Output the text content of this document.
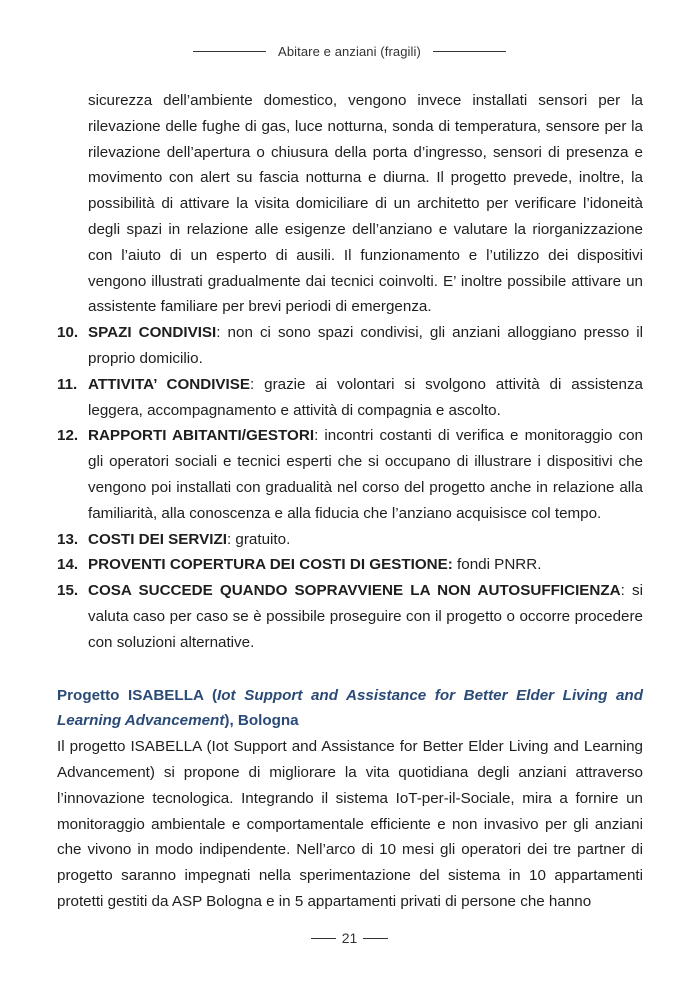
Abitare e anziani (fragili)

sicurezza dell’ambiente domestico, vengono invece installati sensori per la rilevazione delle fughe di gas, luce notturna, sonda di temperatura, sensore per la rilevazione dell’apertura o chiusura della porta d’ingresso, sensori di presenza e movimento con alert su fascia notturna e diurna. Il progetto prevede, inoltre, la possibilità di attivare la visita domiciliare di un architetto per verificare l’idoneità degli spazi in relazione alle esigenze dell’anziano e valutare la riorganizzazione con l’aiuto di un esperto di ausili. Il funzionamento e l’utilizzo dei dispositivi vengono illustrati gradualmente dai tecnici coinvolti. E’ inoltre possibile attivare un assistente familiare per brevi periodi di emergenza.

10. SPAZI CONDIVISI: non ci sono spazi condivisi, gli anziani alloggiano presso il proprio domicilio.
11. ATTIVITA’ CONDIVISE: grazie ai volontari si svolgono attività di assistenza leggera, accompagnamento e attività di compagnia e ascolto.
12. RAPPORTI ABITANTI/GESTORI: incontri costanti di verifica e monitoraggio con gli operatori sociali e tecnici esperti che si occupano di illustrare i dispositivi che vengono poi installati con gradualità nel corso del progetto anche in relazione alla familiarità, alla conoscenza e alla fiducia che l’anziano acquisisce col tempo.
13. COSTI DEI SERVIZI: gratuito.
14. PROVENTI COPERTURA DEI COSTI DI GESTIONE: fondi PNRR.
15. COSA SUCCEDE QUANDO SOPRAVVIENE LA NON AUTOSUFFICIENZA: si valuta caso per caso se è possibile proseguire con il progetto o occorre procedere con soluzioni alternative.
Progetto ISABELLA (Iot Support and Assistance for Better Elder Living and Learning Advancement), Bologna

Il progetto ISABELLA (Iot Support and Assistance for Better Elder Living and Learning Advancement) si propone di migliorare la vita quotidiana degli anziani attraverso l’innovazione tecnologica. Integrando il sistema IoT-per-il-Sociale, mira a fornire un monitoraggio ambientale e comportamentale efficiente e non invasivo per gli anziani che vivono in modo indipendente. Nell’arco di 10 mesi gli operatori dei tre partner di progetto saranno impegnati nella sperimentazione del sistema in 10 appartamenti protetti gestiti da ASP Bologna e in 5 appartamenti privati di persone che hanno

21
